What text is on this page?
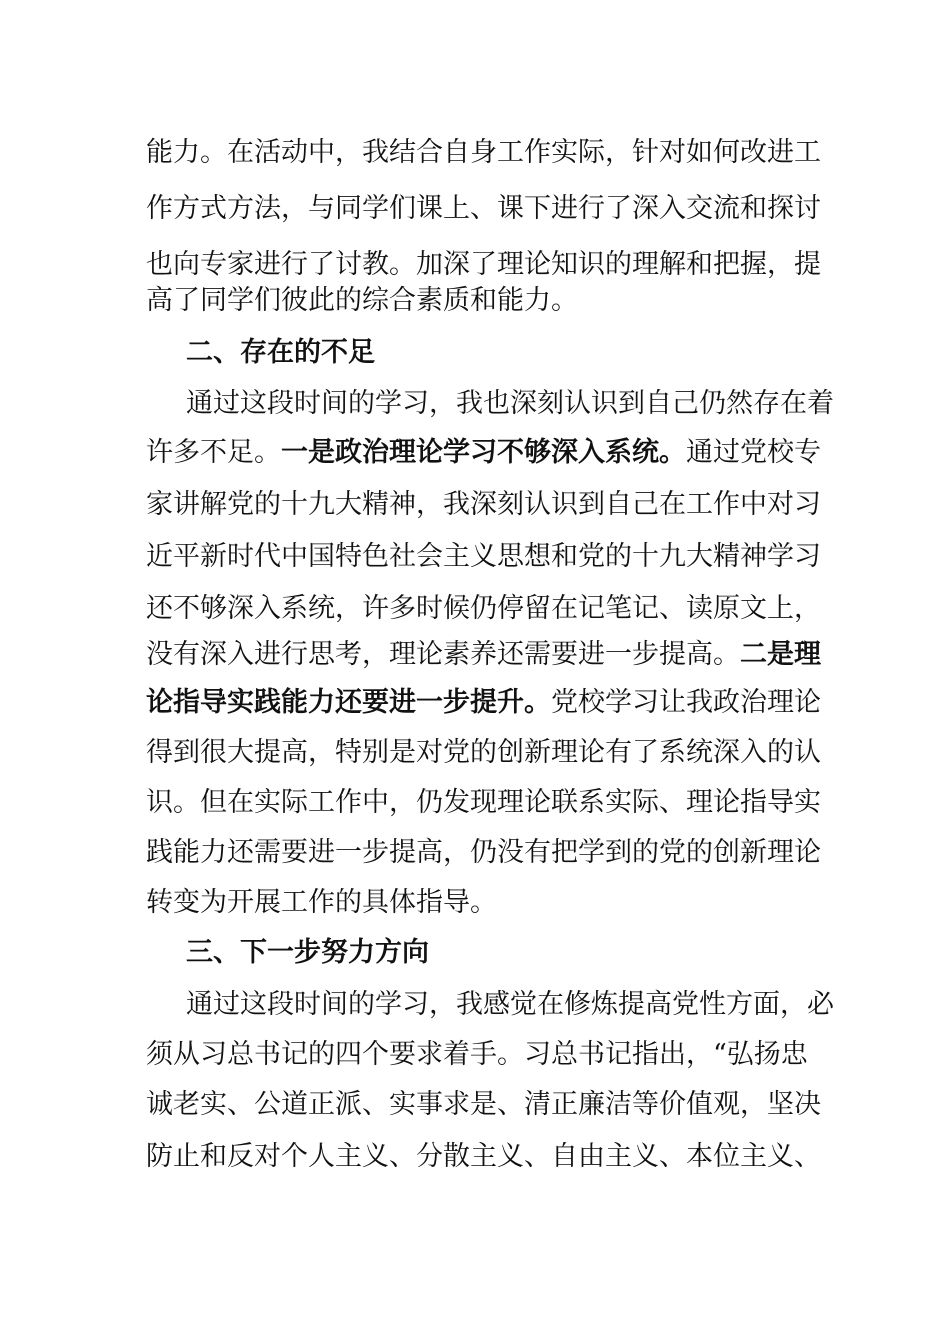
能力。在活动中，我结合自身工作实际，针对如何改进工
作方式方法，与同学们课上、课下进行了深入交流和探讨
也向专家进行了讨教。加深了理论知识的理解和把握，提
高了同学们彼此的综合素质和能力。
二、存在的不足
通过这段时间的学习，我也深刻认识到自己仍然存在着
许多不足。一是政治理论学习不够深入系统。通过党校专
家讲解党的十九大精神，我深刻认识到自己在工作中对习
近平新时代中国特色社会主义思想和党的十九大精神学习
还不够深入系统，许多时候仍停留在记笔记、读原文上，
没有深入进行思考，理论素养还需要进一步提高。二是理
论指导实践能力还要进一步提升。党校学习让我政治理论
得到很大提高，特别是对党的创新理论有了系统深入的认
识。但在实际工作中，仍发现理论联系实际、理论指导实
践能力还需要进一步提高，仍没有把学到的党的创新理论
转变为开展工作的具体指导。
三、下一步努力方向
通过这段时间的学习，我感觉在修炼提高党性方面，必
须从习总书记的四个要求着手。习总书记指出，“弘扬忠
诚老实、公道正派、实事求是、清正廉洁等价值观，坚决
防止和反对个人主义、分散主义、自由主义、本位主义、
